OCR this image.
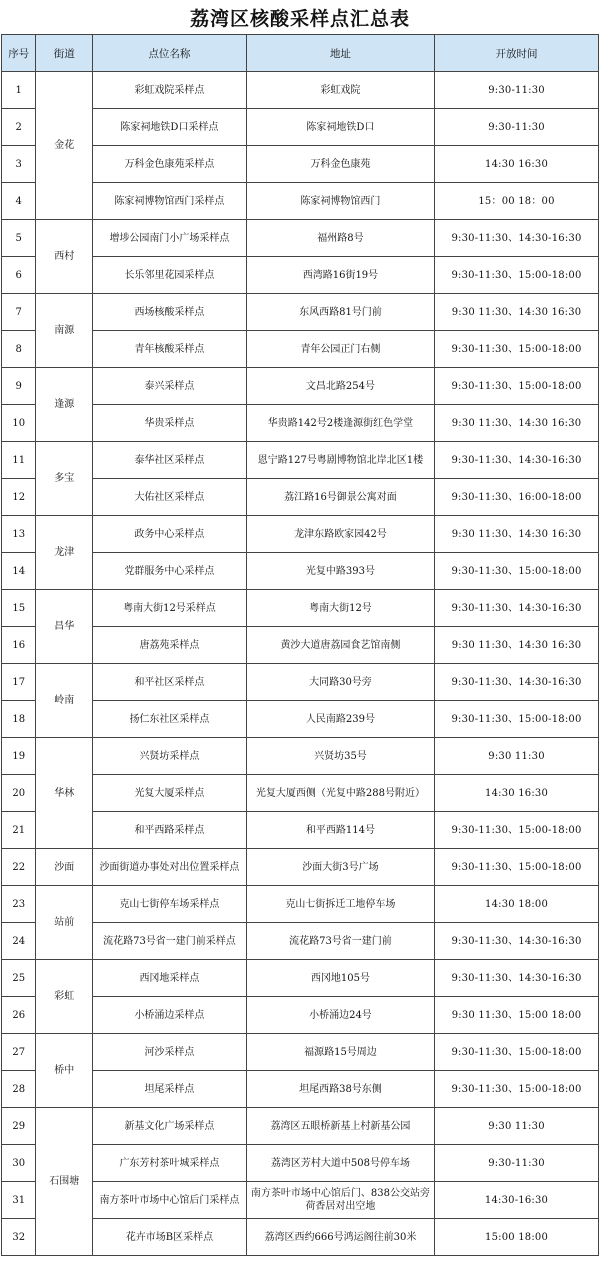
荔湾区核酸采样点汇总表
序号	街道	点位名称	地址	开放时间
1	金花	彩虹戏院采样点	彩虹戏院	9:30-11:30
2		陈家祠地铁D口采样点	陈家祠地铁D口	9:30-11:30
3		万科金色康苑采样点	万科金色康苑	14:30 16:30
4		陈家祠博物馆西门采样点	陈家祠博物馆西门	15：00 18：00
5	西村	增埗公园南门小广场采样点	福州路8号	9:30-11:30、14:30-16:30
6		长乐邻里花园采样点	西湾路16街19号	9:30-11:30、15:00-18:00
7	南源	西场核酸采样点	东风西路81号门前	9:30 11:30、14:30 16:30
8		青年核酸采样点	青年公园正门右侧	9:30-11:30、15:00-18:00
9	逢源	泰兴采样点	文昌北路254号	9:30-11:30、15:00-18:00
10		华贵采样点	华贵路142号2楼逢源街红色学堂	9:30 11:30、14:30 16:30
11	多宝	泰华社区采样点	恩宁路127号粤剧博物馆北岸北区1楼	9:30-11:30、14:30-16:30
12		大佑社区采样点	荔江路16号御景公寓对面	9:30-11:30、16:00-18:00
13	龙津	政务中心采样点	龙津东路欧家园42号	9:30 11:30、14:30 16:30
14		党群服务中心采样点	光复中路393号	9:30-11:30、15:00-18:00
15	昌华	粤南大街12号采样点	粤南大街12号	9:30-11:30、14:30-16:30
16		唐荔苑采样点	黄沙大道唐荔园食艺馆南侧	9:30 11:30、14:30 16:30
17	岭南	和平社区采样点	大同路30号旁	9:30-11:30、14:30-16:30
18		扬仁东社区采样点	人民南路239号	9:30-11:30、15:00-18:00
19	华林	兴贤坊采样点	兴贤坊35号	9:30 11:30
20		光复大厦采样点	光复大厦西侧（光复中路288号附近）	14:30 16:30
21		和平西路采样点	和平西路114号	9:30-11:30、15:00-18:00
22	沙面	沙面街道办事处对出位置采样点	沙面大街3号广场	9:30-11:30、15:00-18:00
23	站前	克山七街停车场采样点	克山七街拆迁工地停车场	14:30 18:00
24		流花路73号省一建门前采样点	流花路73号省一建门前	9:30-11:30、14:30-16:30
25	彩虹	西冈地采样点	西冈地105号	9:30-11:30、14:30-16:30
26		小桥涌边采样点	小桥涌边24号	9:30 11:30、15:00 18:00
27	桥中	河沙采样点	福源路15号周边	9:30-11:30、15:00-18:00
28		坦尾采样点	坦尾西路38号东侧	9:30-11:30、15:00-18:00
29	石围塘	新基文化广场采样点	荔湾区五眼桥新基上村新基公园	9:30 11:30
30		广东芳村茶叶城采样点	荔湾区芳村大道中508号停车场	9:30-11:30
31		南方茶叶市场中心馆后门采样点	南方茶叶市场中心馆后门、838公交站旁荷香居对出空地	14:30-16:30
32		花卉市场B区采样点	荔湾区西约666号鸿运阁往前30米	15:00 18:00
